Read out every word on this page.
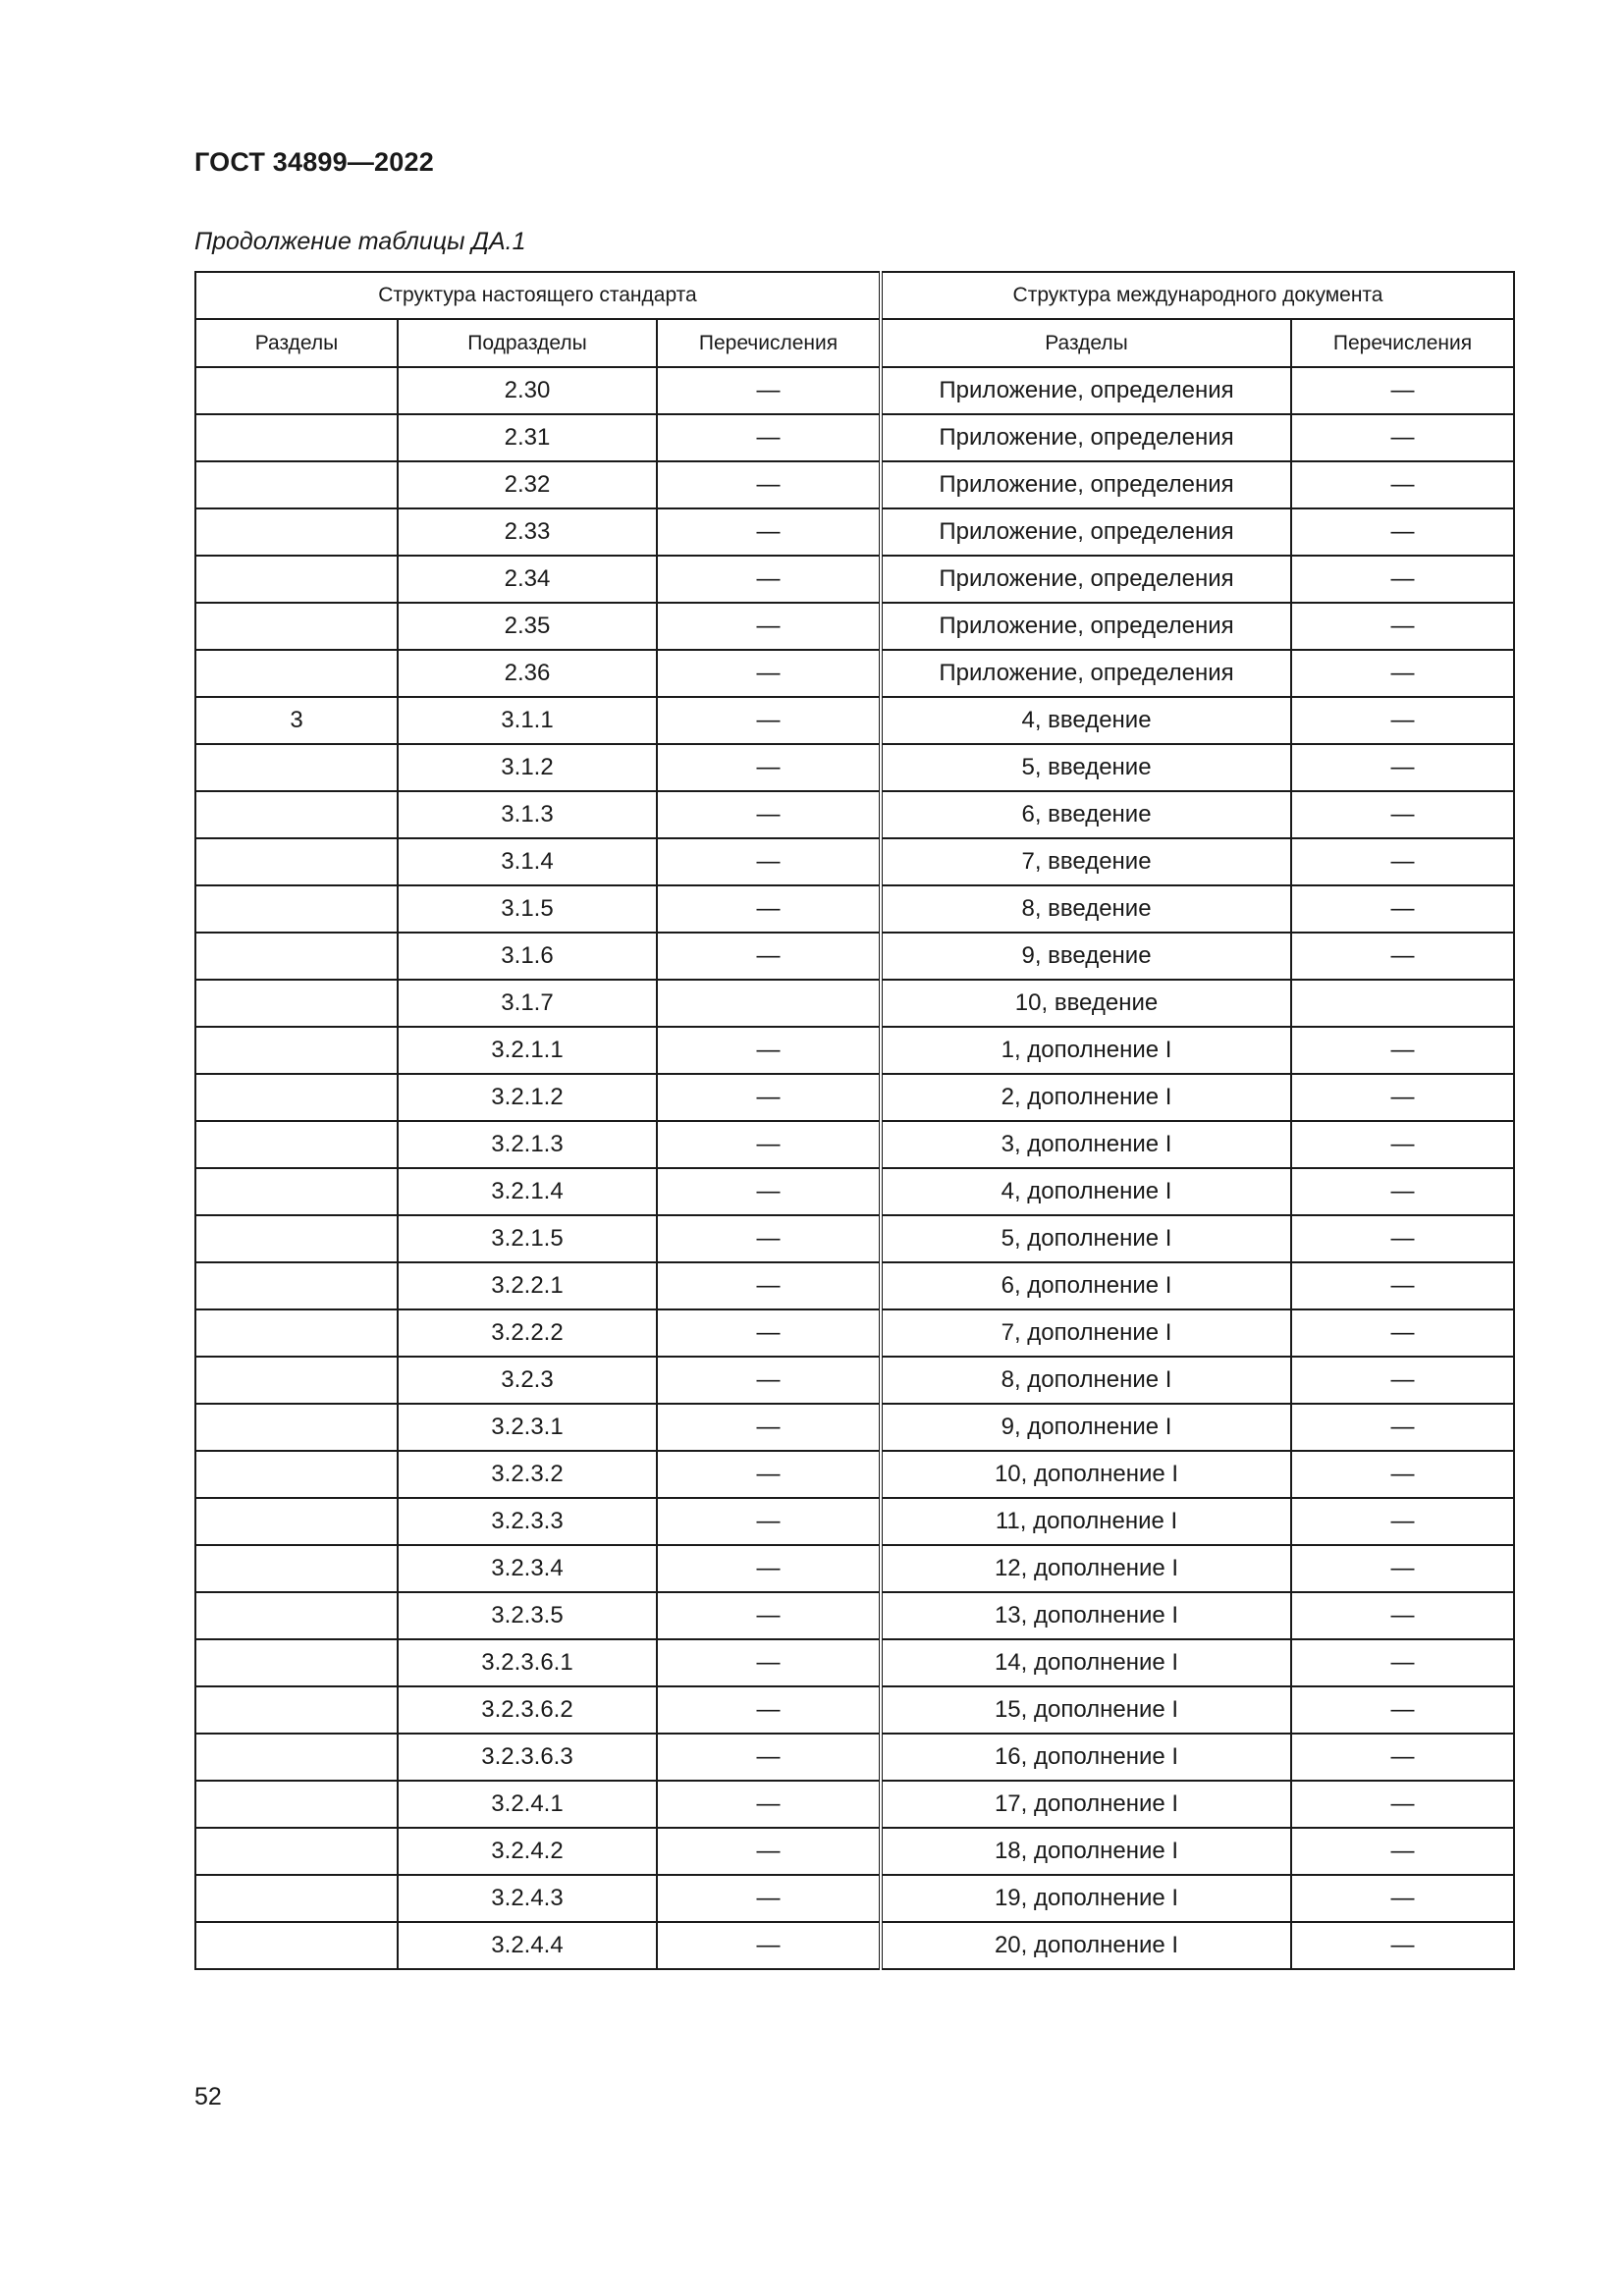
ГОСТ 34899—2022
Продолжение таблицы ДА.1
Структура настоящего стандарта			Структура международного документа	
Разделы	Подразделы	Перечисления	Разделы	Перечисления
	2.30	—	Приложение, определения	—
	2.31	—	Приложение, определения	—
	2.32	—	Приложение, определения	—
	2.33	—	Приложение, определения	—
	2.34	—	Приложение, определения	—
	2.35	—	Приложение, определения	—
	2.36	—	Приложение, определения	—
3	3.1.1	—	4, введение	—
	3.1.2	—	5, введение	—
	3.1.3	—	6, введение	—
	3.1.4	—	7, введение	—
	3.1.5	—	8, введение	—
	3.1.6	—	9, введение	—
	3.1.7		10, введение	
	3.2.1.1	—	1, дополнение I	—
	3.2.1.2	—	2, дополнение I	—
	3.2.1.3	—	3, дополнение I	—
	3.2.1.4	—	4, дополнение I	—
	3.2.1.5	—	5, дополнение I	—
	3.2.2.1	—	6, дополнение I	—
	3.2.2.2	—	7, дополнение I	—
	3.2.3	—	8, дополнение I	—
	3.2.3.1	—	9, дополнение I	—
	3.2.3.2	—	10, дополнение I	—
	3.2.3.3	—	11, дополнение I	—
	3.2.3.4	—	12, дополнение I	—
	3.2.3.5	—	13, дополнение I	—
	3.2.3.6.1	—	14, дополнение I	—
	3.2.3.6.2	—	15, дополнение I	—
	3.2.3.6.3	—	16, дополнение I	—
	3.2.4.1	—	17, дополнение I	—
	3.2.4.2	—	18, дополнение I	—
	3.2.4.3	—	19, дополнение I	—
	3.2.4.4	—	20, дополнение I	—
52
